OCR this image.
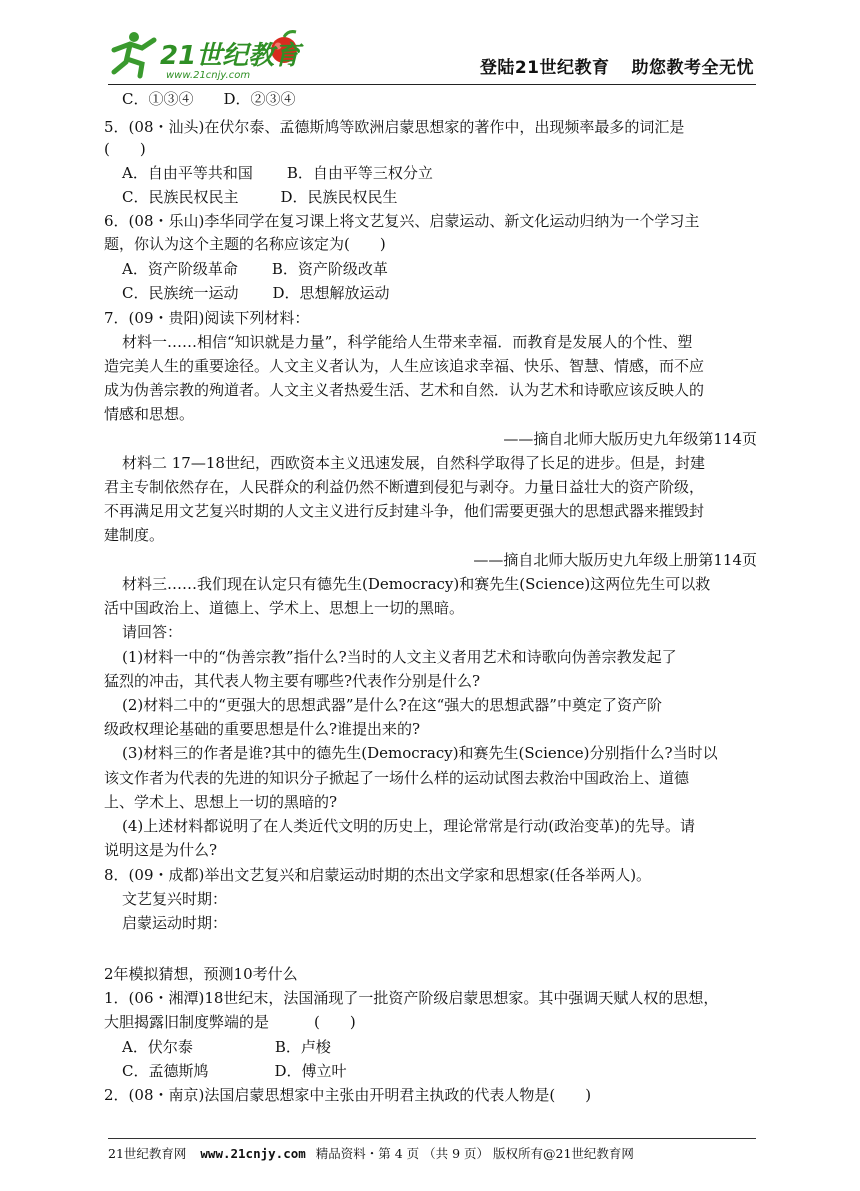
21世纪教育
www.21cnjy.com	登陆21世纪教育 助您教考全无忧
C．①③④　　D．②③④
5．(08・汕头)在伏尔泰、孟德斯鸠等欧洲启蒙思想家的著作中，出现频率最多的词汇是
(　　)
A．自由平等共和国 B．自由平等三权分立
C．民族民权民主	D．民族民权民生
6．(08・乐山)李华同学在复习课上将文艺复兴、启蒙运动、新文化运动归纳为一个学习主
题，你认为这个主题的名称应该定为(　　)
A．资产阶级革命 B．资产阶级改革
C．民族统一运动 D．思想解放运动
7．(09・贵阳)阅读下列材料：
材料一……相信“知识就是力量”，科学能给人生带来幸福．而教育是发展人的个性、塑
造完美人生的重要途径。人文主义者认为，人生应该追求幸福、快乐、智慧、情感，而不应
成为伪善宗教的殉道者。人文主义者热爱生活、艺术和自然．认为艺术和诗歌应该反映人的
情感和思想。
——摘自北师大版历史九年级第114页
材料二 17—18世纪，西欧资本主义迅速发展，自然科学取得了长足的进步。但是，封建
君主专制依然存在，人民群众的利益仍然不断遭到侵犯与剥夺。力量日益壮大的资产阶级，
不再满足用文艺复兴时期的人文主义进行反封建斗争，他们需要更强大的思想武器来摧毁封
建制度。
——摘自北师大版历史九年级上册第114页
材料三……我们现在认定只有德先生(Democracy)和赛先生(Science)这两位先生可以救
活中国政治上、道德上、学术上、思想上一切的黑暗。
请回答：
(1)材料一中的“伪善宗教”指什么?当时的人文主义者用艺术和诗歌向伪善宗教发起了
猛烈的冲击，其代表人物主要有哪些?代表作分别是什么?
(2)材料二中的“更强大的思想武器”是什么?在这“强大的思想武器”中奠定了资产阶
级政权理论基础的重要思想是什么?谁提出来的?
(3)材料三的作者是谁?其中的德先生(Democracy)和赛先生(Science)分别指什么?当时以
该文作者为代表的先进的知识分子掀起了一场什么样的运动试图去救治中国政治上、道德
上、学术上、思想上一切的黑暗的?
(4)上述材料都说明了在人类近代文明的历史上，理论常常是行动(政治变革)的先导。请
说明这是为什么?
8．(09・成都)举出文艺复兴和启蒙运动时期的杰出文学家和思想家(任各举两人)。
文艺复兴时期：
启蒙运动时期：
2年模拟猜想，预测10考什么
1．(06・湘潭)18世纪末，法国涌现了一批资产阶级启蒙思想家。其中强调天赋人权的思想，
大胆揭露旧制度弊端的是　　　(　　)
A．伏尔泰	B．卢梭
C．孟德斯鸠	D．傅立叶
2．(08・南京)法国启蒙思想家中主张由开明君主执政的代表人物是(　　)
21世纪教育网 www.21cnjy.com 精品资料・第 4 页 （共 9 页） 版权所有@21世纪教育网
